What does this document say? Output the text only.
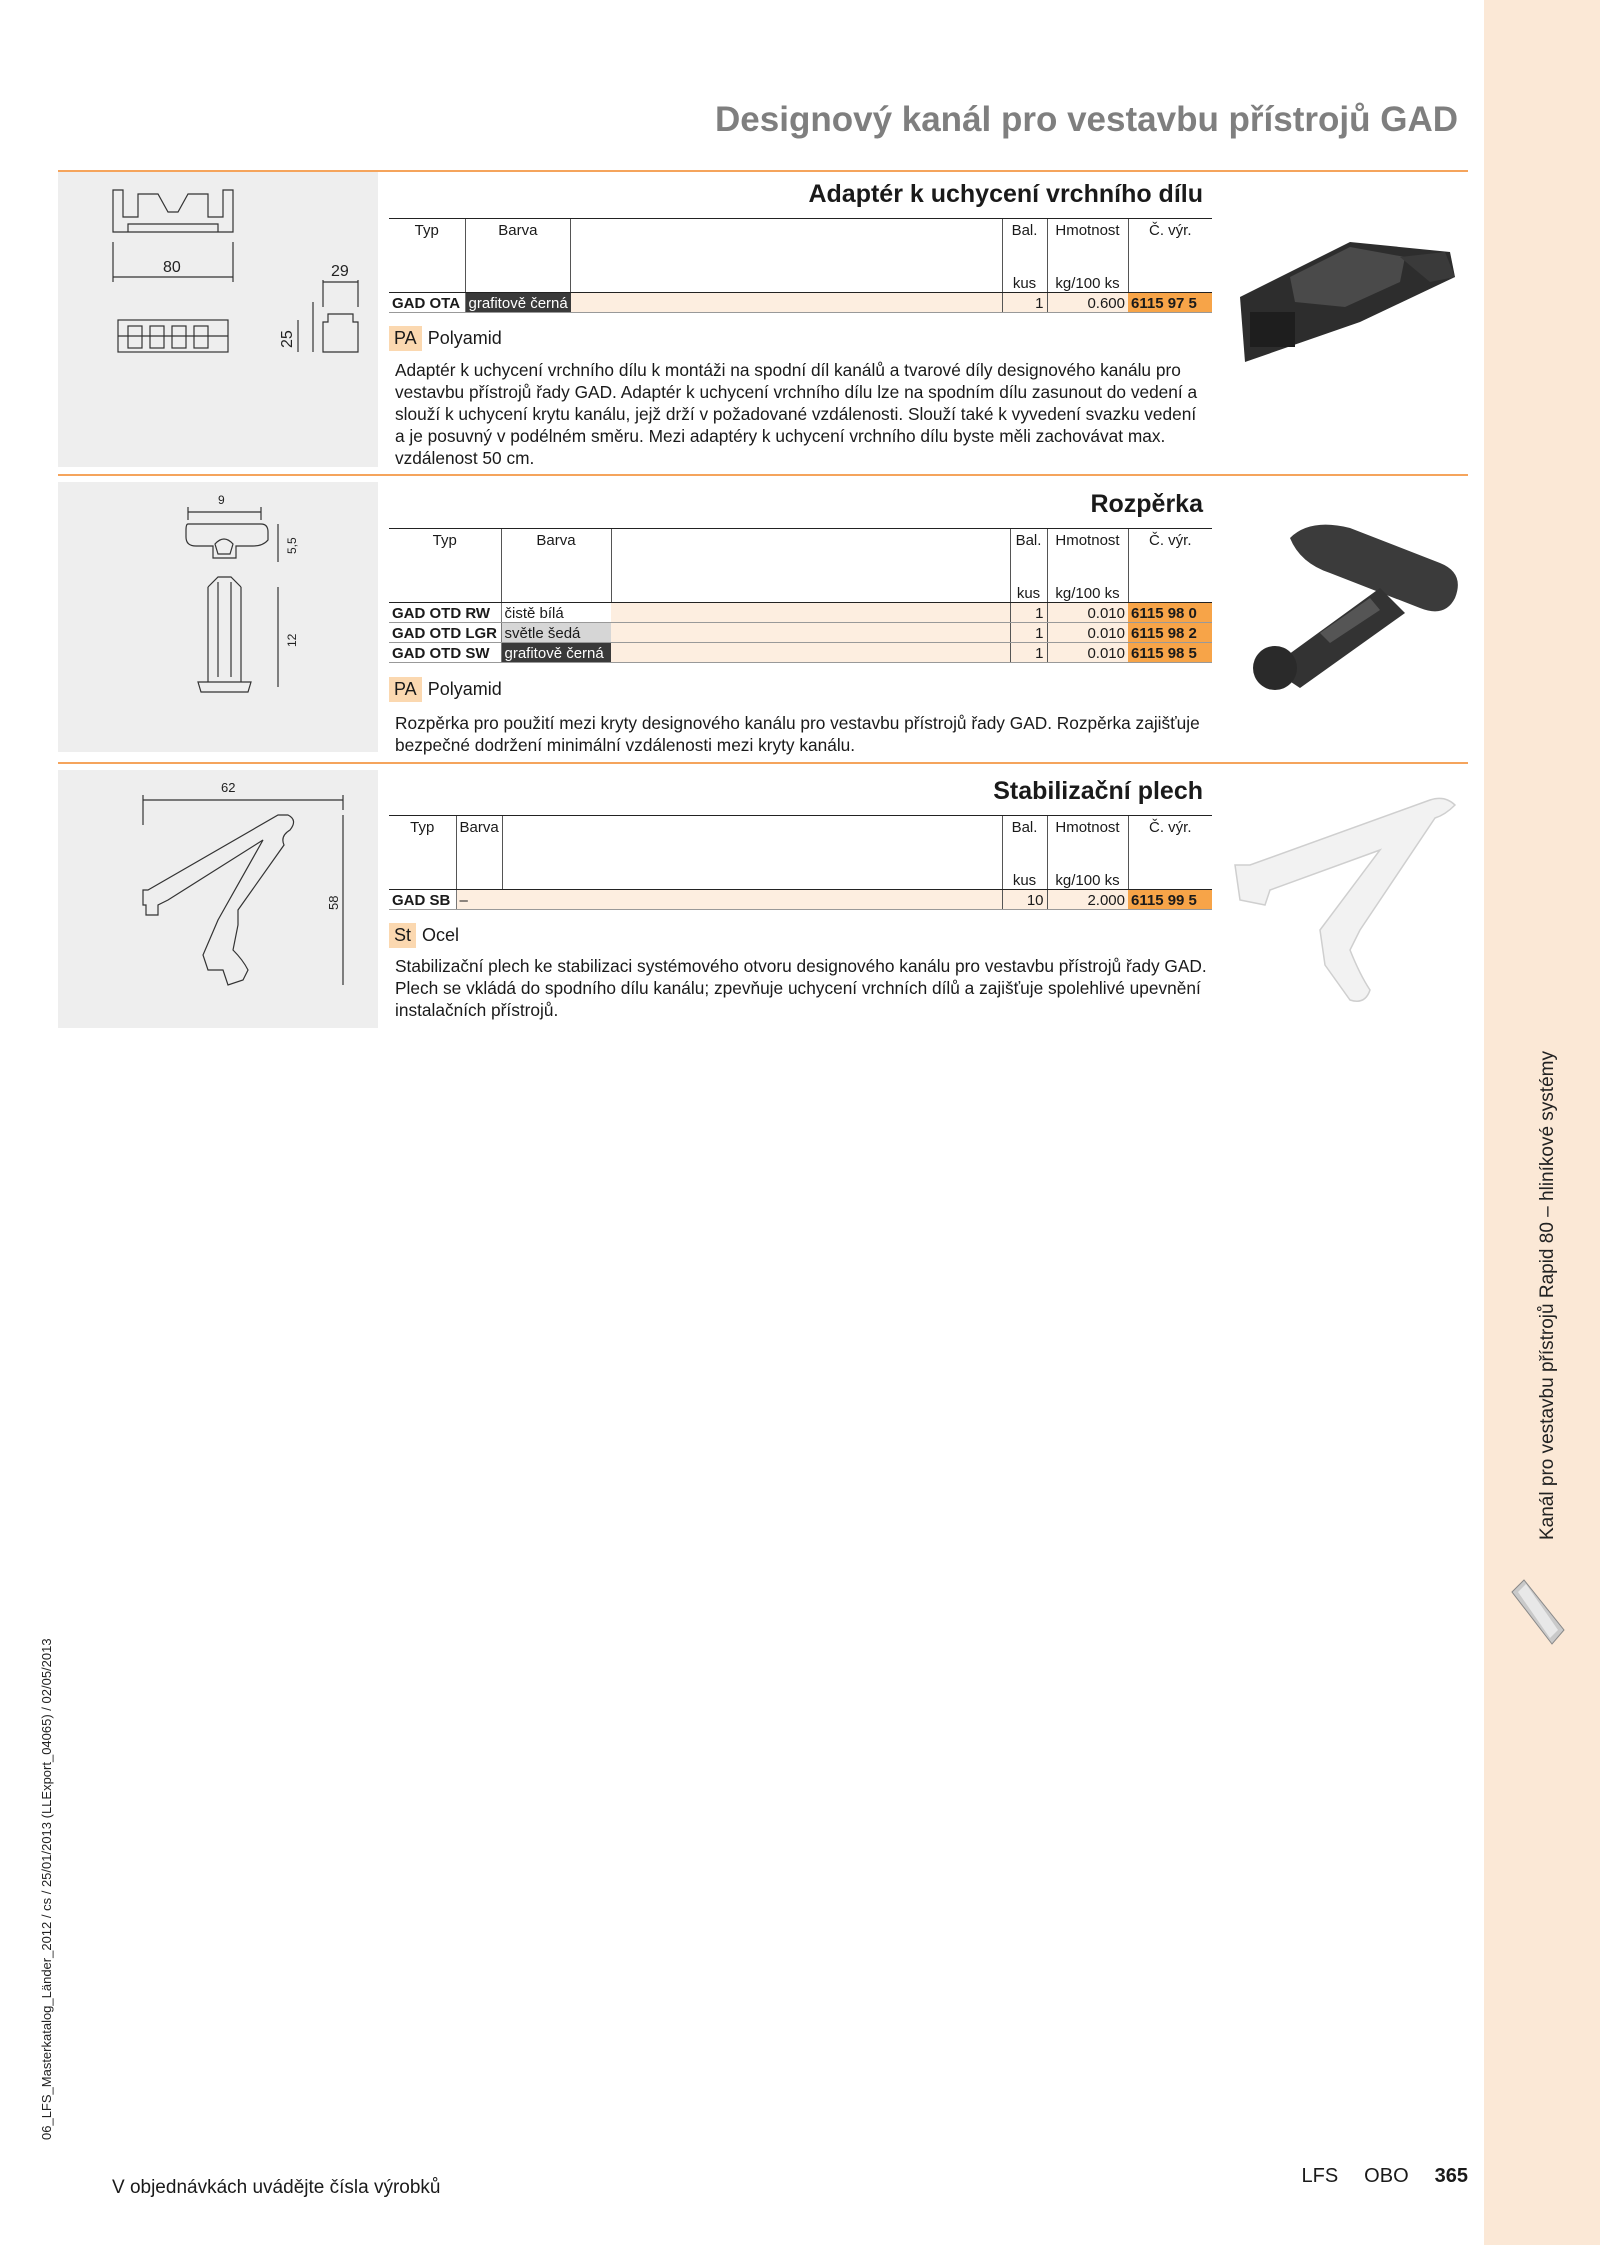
Kanál pro vestavbu přístrojů Rapid 80 – hliníkové systémy
Designový kanál pro vestavbu přístrojů GAD
80	29
25
Adaptér k uchycení vrchního dílu
Typ	Barva		Bal.	Hmotnost	Č. výr.
			kus	kg/100 ks	
GAD OTA	grafitově černá		1	0.600	6115 97 5
PA Polyamid
Adaptér k uchycení vrchního dílu k montáži na spodní díl kanálů a tvarové díly designového kanálu pro vestavbu přístrojů řady GAD. Adaptér k uchycení vrchního dílu lze na spodním dílu zasunout do vedení a slouží k uchycení krytu kanálu, jejž drží v požadované vzdálenosti. Slouží také k vyvedení svazku vedení a je posuvný v podélném směru. Mezi adaptéry k uchycení vrchního dílu byste měli zachovávat max. vzdálenost 50 cm.
9
5,5
12
Rozpěrka
Typ	Barva		Bal.	Hmotnost	Č. výr.
			kus	kg/100 ks	
GAD OTD RW	čistě bílá		1	0.010	6115 98 0
GAD OTD LGR	světle šedá		1	0.010	6115 98 2
GAD OTD SW	grafitově černá		1	0.010	6115 98 5
PA Polyamid
Rozpěrka pro použití mezi kryty designového kanálu pro vestavbu přístrojů řady GAD. Rozpěrka zajišťuje bezpečné dodržení minimální vzdálenosti mezi kryty kanálu.
62
58
Stabilizační plech
Typ	Barva		Bal.	Hmotnost	Č. výr.
			kus	kg/100 ks	
GAD SB	–		10	2.000	6115 99 5
St Ocel
Stabilizační plech ke stabilizaci systémového otvoru designového kanálu pro vestavbu přístrojů řady GAD. Plech se vkládá do spodního dílu kanálu; zpevňuje uchycení vrchních dílů a zajišťuje spolehlivé upevnění instalačních přístrojů.
06_LFS_Masterkatalog_Länder_2012 / cs / 25/01/2013 (LLExport_04065) / 02/05/2013
V objednávkách uvádějte čísla výrobků
LFS OBO 365
